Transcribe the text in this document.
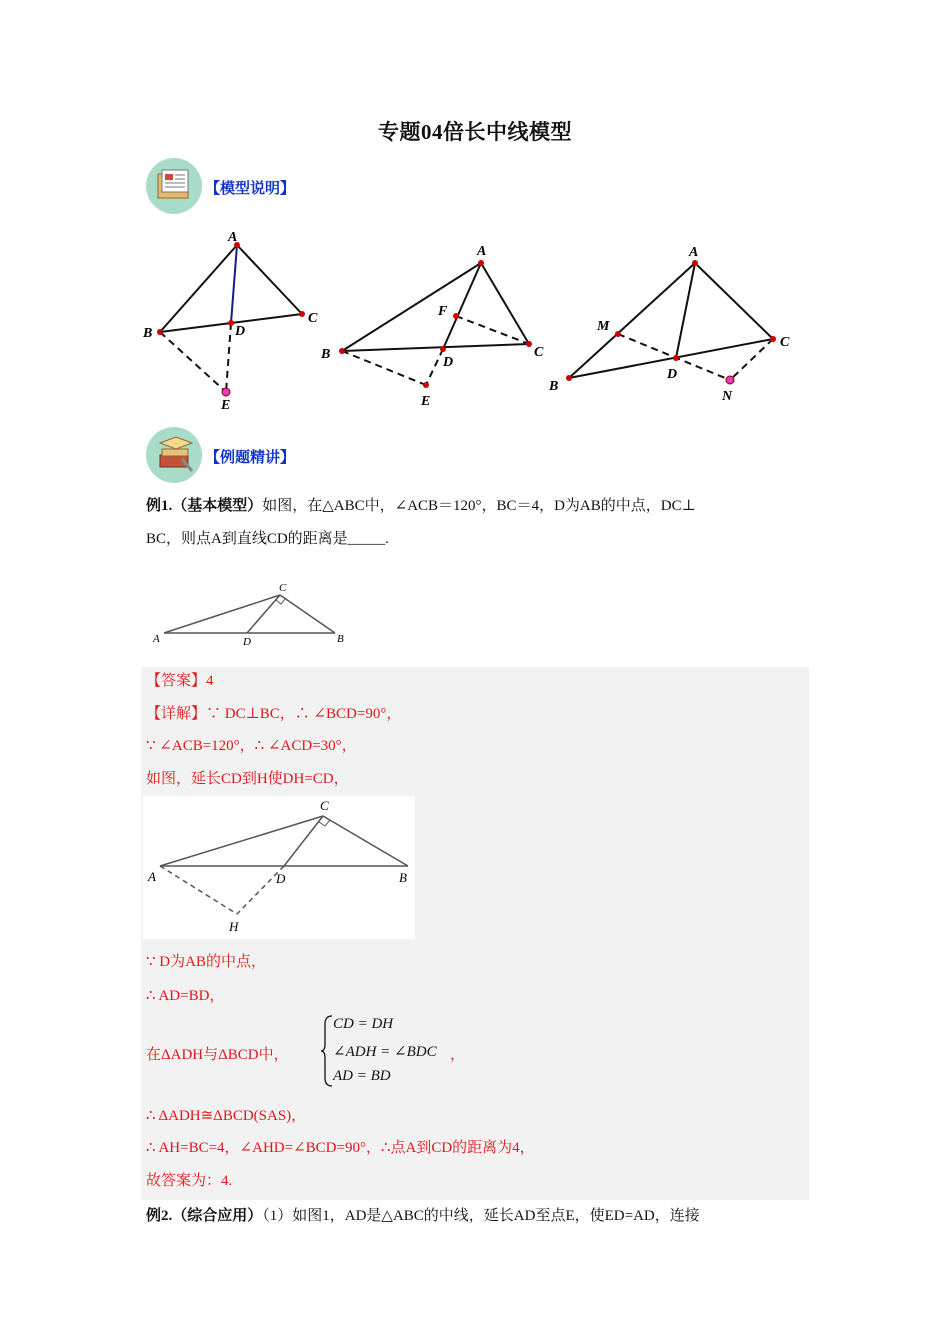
专题04倍长中线模型
【模型说明】
A
B
C
D
E
A
B	C
D
E
F
A
B
C
D
M
N
【例题精讲】
例1.（基本模型）如图，在△ABC中，∠ACB＝120°，BC＝4，D为AB的中点，DC⊥
BC，则点A到直线CD的距离是_____.
A
C
B
D
【答案】4
【详解】∵ DC⊥BC，∴ ∠BCD=90°，
∵ ∠ACB=120°，∴ ∠ACD=30°，
如图，延长CD到H使DH=CD，
A
C
B
D
H
∵ D为AB的中点，
∴ AD=BD，
在ΔADH与ΔBCD中，
CD = DH
∠ADH = ∠BDC
AD = BD
，
∴ ΔADH≅ΔBCD(SAS)，
∴ AH=BC=4，∠AHD=∠BCD=90°，∴点A到CD的距离为4，
故答案为：4.
例2.（综合应用）（1）如图1，AD是△ABC的中线，延长AD至点E，使ED=AD，连接
